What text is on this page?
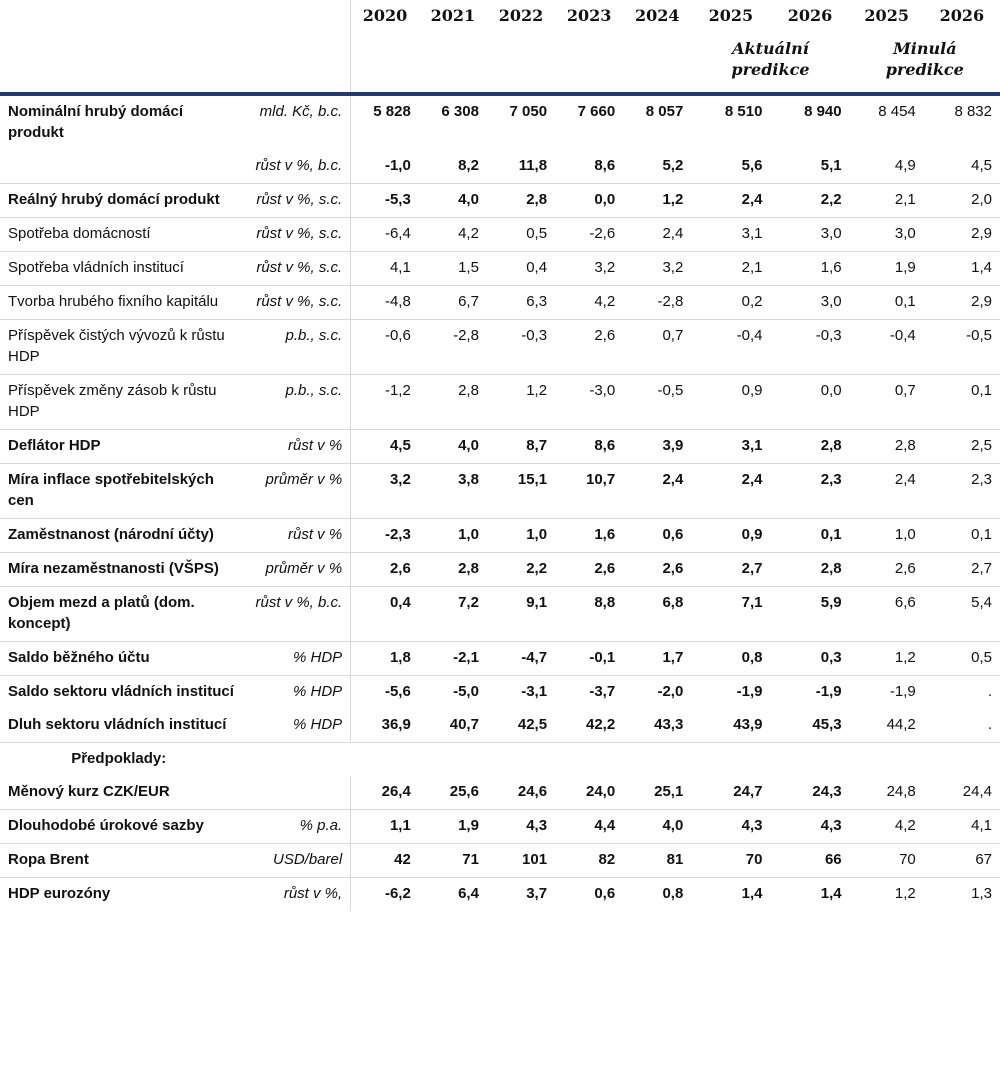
		2020	2021	2022	2023	2024	2025	2026	2025	2026
							Aktuální predikce		Minulá predikce	
Nominální hrubý domácí produkt	mld. Kč, b.c.	5 828	6 308	7 050	7 660	8 057	8 510	8 940	8 454	8 832
	růst v %, b.c.	-1,0	8,2	11,8	8,6	5,2	5,6	5,1	4,9	4,5
Reálný hrubý domácí produkt	růst v %, s.c.	-5,3	4,0	2,8	0,0	1,2	2,4	2,2	2,1	2,0
Spotřeba domácností	růst v %, s.c.	-6,4	4,2	0,5	-2,6	2,4	3,1	3,0	3,0	2,9
Spotřeba vládních institucí	růst v %, s.c.	4,1	1,5	0,4	3,2	3,2	2,1	1,6	1,9	1,4
Tvorba hrubého fixního kapitálu	růst v %, s.c.	-4,8	6,7	6,3	4,2	-2,8	0,2	3,0	0,1	2,9
Příspěvek čistých vývozů k růstu HDP	p.b., s.c.	-0,6	-2,8	-0,3	2,6	0,7	-0,4	-0,3	-0,4	-0,5
Příspěvek změny zásob k růstu HDP	p.b., s.c.	-1,2	2,8	1,2	-3,0	-0,5	0,9	0,0	0,7	0,1
Deflátor HDP	růst v %	4,5	4,0	8,7	8,6	3,9	3,1	2,8	2,8	2,5
Míra inflace spotřebitelských cen	průměr v %	3,2	3,8	15,1	10,7	2,4	2,4	2,3	2,4	2,3
Zaměstnanost (národní účty)	růst v %	-2,3	1,0	1,0	1,6	0,6	0,9	0,1	1,0	0,1
Míra nezaměstnanosti (VŠPS)	průměr v %	2,6	2,8	2,2	2,6	2,6	2,7	2,8	2,6	2,7
Objem mezd a platů (dom. koncept)	růst v %, b.c.	0,4	7,2	9,1	8,8	6,8	7,1	5,9	6,6	5,4
Saldo běžného účtu	% HDP	1,8	-2,1	-4,7	-0,1	1,7	0,8	0,3	1,2	0,5
Saldo sektoru vládních institucí	% HDP	-5,6	-5,0	-3,1	-3,7	-2,0	-1,9	-1,9	-1,9	.
Dluh sektoru vládních institucí	% HDP	36,9	40,7	42,5	42,2	43,3	43,9	45,3	44,2	.
Předpoklady:										
Měnový kurz CZK/EUR		26,4	25,6	24,6	24,0	25,1	24,7	24,3	24,8	24,4
Dlouhodobé úrokové sazby	% p.a.	1,1	1,9	4,3	4,4	4,0	4,3	4,3	4,2	4,1
Ropa Brent	USD/barel	42	71	101	82	81	70	66	70	67
HDP eurozóny	růst v %,	-6,2	6,4	3,7	0,6	0,8	1,4	1,4	1,2	1,3
